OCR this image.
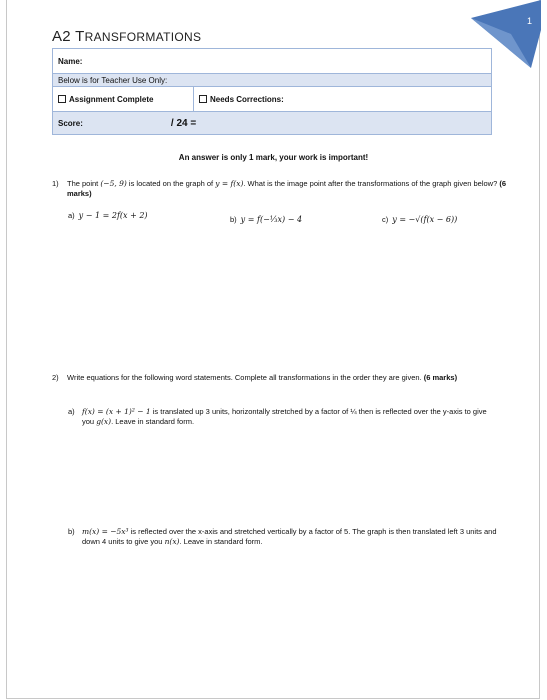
1
A2 TRANSFORMATIONS
Name:
Below is for Teacher Use Only:

Assignment Complete	Needs Corrections:

Score:	/ 24 =
An answer is only 1 mark, your work is important!
1) The point (−5, 9) is located on the graph of y = f(x). What is the image point after the transformations of the graph given below? (6 marks)
a) y − 1 = 2f(x + 2)	b) y = f(−⅓x) − 4	c) y = −√(f(x − 6))
2) Write equations for the following word statements. Complete all transformations in the order they are given. (6 marks)
a) f(x) = (x + 1)² − 1 is translated up 3 units, horizontally stretched by a factor of ¼ then is reflected over the y-axis to give you g(x). Leave in standard form.
b) m(x) = −5x³ is reflected over the x-axis and stretched vertically by a factor of 5. The graph is then translated left 3 units and down 4 units to give you n(x). Leave in standard form.
